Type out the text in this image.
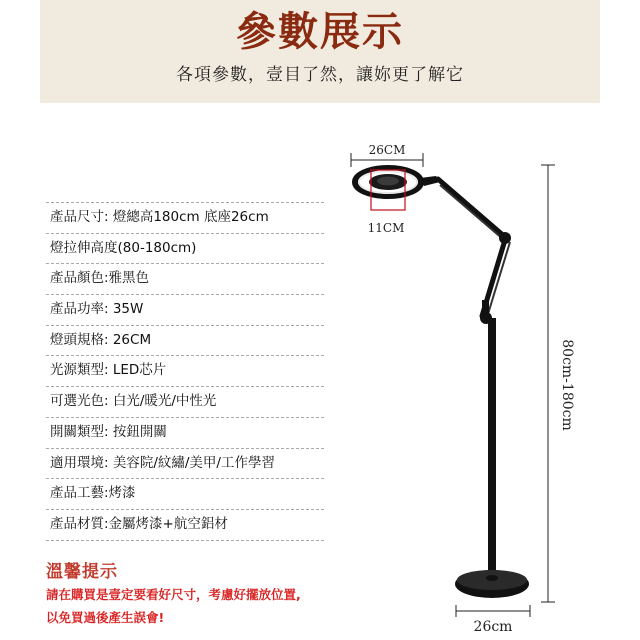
參數展示
各項參數，壹目了然，讓妳更了解它
產品尺寸: 燈總高180cm 底座26cm
燈拉伸高度(80-180cm)
產品顏色:雅黑色
產品功率: 35W
燈頭規格: 26CM
光源類型: LED芯片
可選光色: 白光/暖光/中性光
開關類型: 按鈕開關
適用環境: 美容院/紋繡/美甲/工作學習
產品工藝:烤漆
產品材質:金屬烤漆+航空鋁材
溫馨提示
請在購買是壹定要看好尺寸，考慮好擺放位置,
以免買過後產生誤會!
26CM
11CM
80cm-180cm
26cm
